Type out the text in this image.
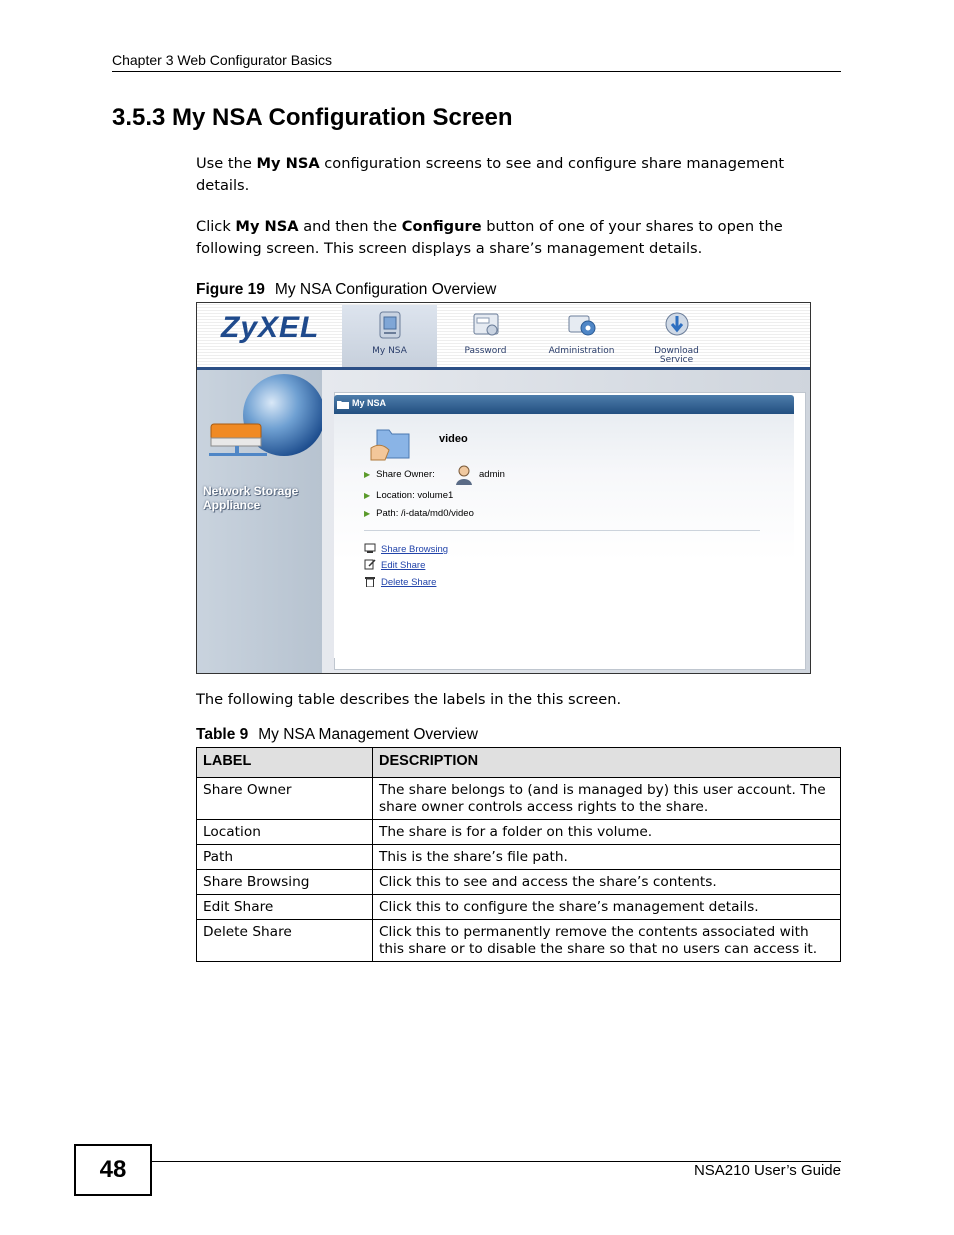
Chapter 3 Web Configurator Basics
3.5.3 My NSA Configuration Screen
Use the My NSA configuration screens to see and configure share management details.
Click My NSA and then the Configure button of one of your shares to open the following screen. This screen displays a share’s management details.
Figure 19 My NSA Configuration Overview
ZyXEL
My NSA	Password	Administration	Download
Service
Network Storage Appliance
My NSA
video
▶ Share Owner:	admin
▶ Location: volume1
▶ Path: /i-data/md0/video
Share Browsing
Edit Share
Delete Share
The following table describes the labels in the this screen.
Table 9 My NSA Management Overview
LABEL	DESCRIPTION
Share Owner	The share belongs to (and is managed by) this user account. The share owner controls access rights to the share.
Location	The share is for a folder on this volume.
Path	This is the share’s file path.
Share Browsing	Click this to see and access the share’s contents.
Edit Share	Click this to configure the share’s management details.
Delete Share	Click this to permanently remove the contents associated with this share or to disable the share so that no users can access it.
48	NSA210 User’s Guide
